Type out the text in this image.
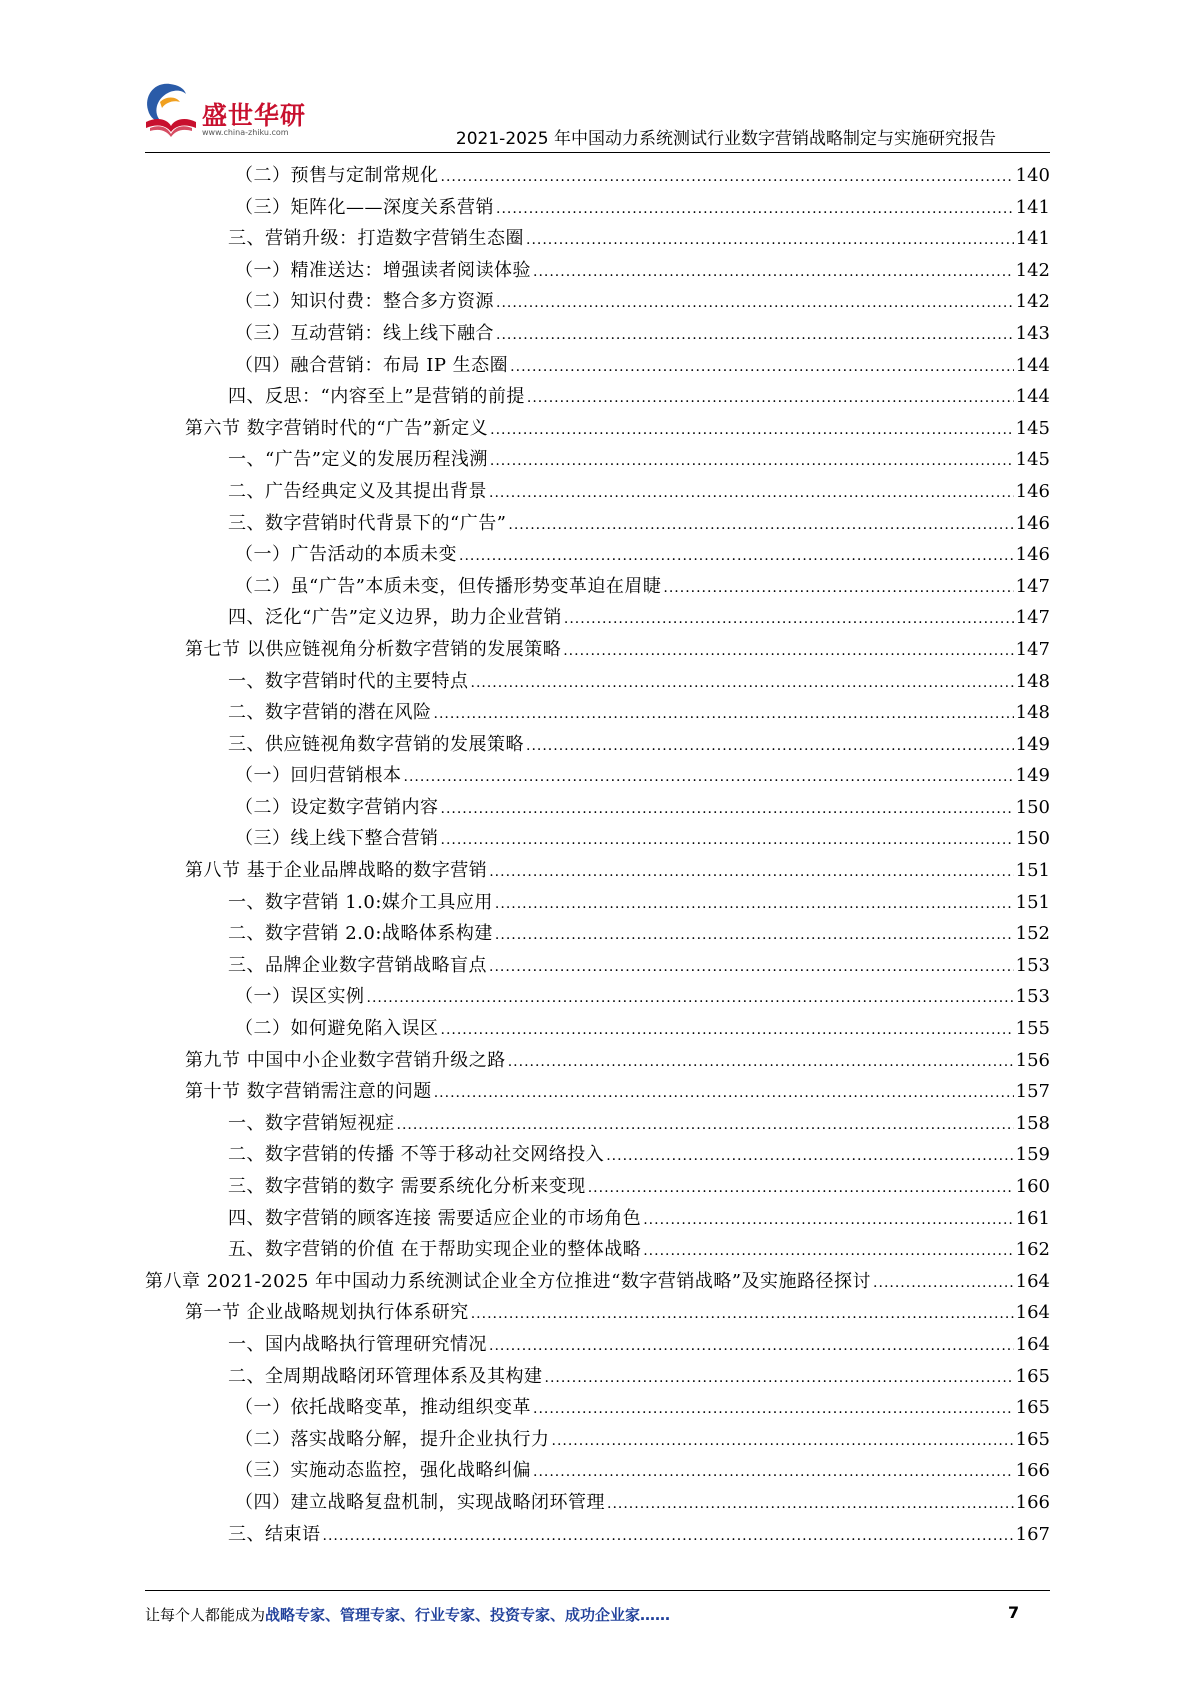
盛世华研
www.china-zhiku.com	2021-2025 年中国动力系统测试行业数字营销战略制定与实施研究报告
（二）预售与定制常规化 .....	140
（三）矩阵化——深度关系营销 .....	141
三、营销升级：打造数字营销生态圈 .....	141
（一）精准送达：增强读者阅读体验 .....	142
（二）知识付费：整合多方资源 .....	142
（三）互动营销：线上线下融合 .....	143
（四）融合营销：布局 IP 生态圈 .....	144
四、反思：“内容至上”是营销的前提 .....	144
第六节 数字营销时代的“广告”新定义 .....	145
一、“广告”定义的发展历程浅溯 .....	145
二、广告经典定义及其提出背景 .....	146
三、数字营销时代背景下的“广告” .....	146
（一）广告活动的本质未变 .....	146
（二）虽“广告”本质未变，但传播形势变革迫在眉睫 .....	147
四、泛化“广告”定义边界，助力企业营销 .....	147
第七节 以供应链视角分析数字营销的发展策略 .....	147
一、数字营销时代的主要特点 .....	148
二、数字营销的潜在风险 .....	148
三、供应链视角数字营销的发展策略 .....	149
（一）回归营销根本 .....	149
（二）设定数字营销内容 .....	150
（三）线上线下整合营销 .....	150
第八节 基于企业品牌战略的数字营销 .....	151
一、数字营销 1.0:媒介工具应用 .....	151
二、数字营销 2.0:战略体系构建 .....	152
三、品牌企业数字营销战略盲点 .....	153
（一）误区实例 .....	153
（二）如何避免陷入误区 .....	155
第九节 中国中小企业数字营销升级之路 .....	156
第十节 数字营销需注意的问题 .....	157
一、数字营销短视症 .....	158
二、数字营销的传播 不等于移动社交网络投入 .....	159
三、数字营销的数字 需要系统化分析来变现 .....	160
四、数字营销的顾客连接 需要适应企业的市场角色 .....	161
五、数字营销的价值 在于帮助实现企业的整体战略 .....	162
第八章 2021-2025 年中国动力系统测试企业全方位推进“数字营销战略”及实施路径探讨 .....	164
第一节 企业战略规划执行体系研究 .....	164
一、国内战略执行管理研究情况 .....	164
二、全周期战略闭环管理体系及其构建 .....	165
（一）依托战略变革，推动组织变革 .....	165
（二）落实战略分解，提升企业执行力 .....	165
（三）实施动态监控，强化战略纠偏 .....	166
（四）建立战略复盘机制，实现战略闭环管理 .....	166
三、结束语 .....	167
让每个人都能成为战略专家、管理专家、行业专家、投资专家、成功企业家……	7
